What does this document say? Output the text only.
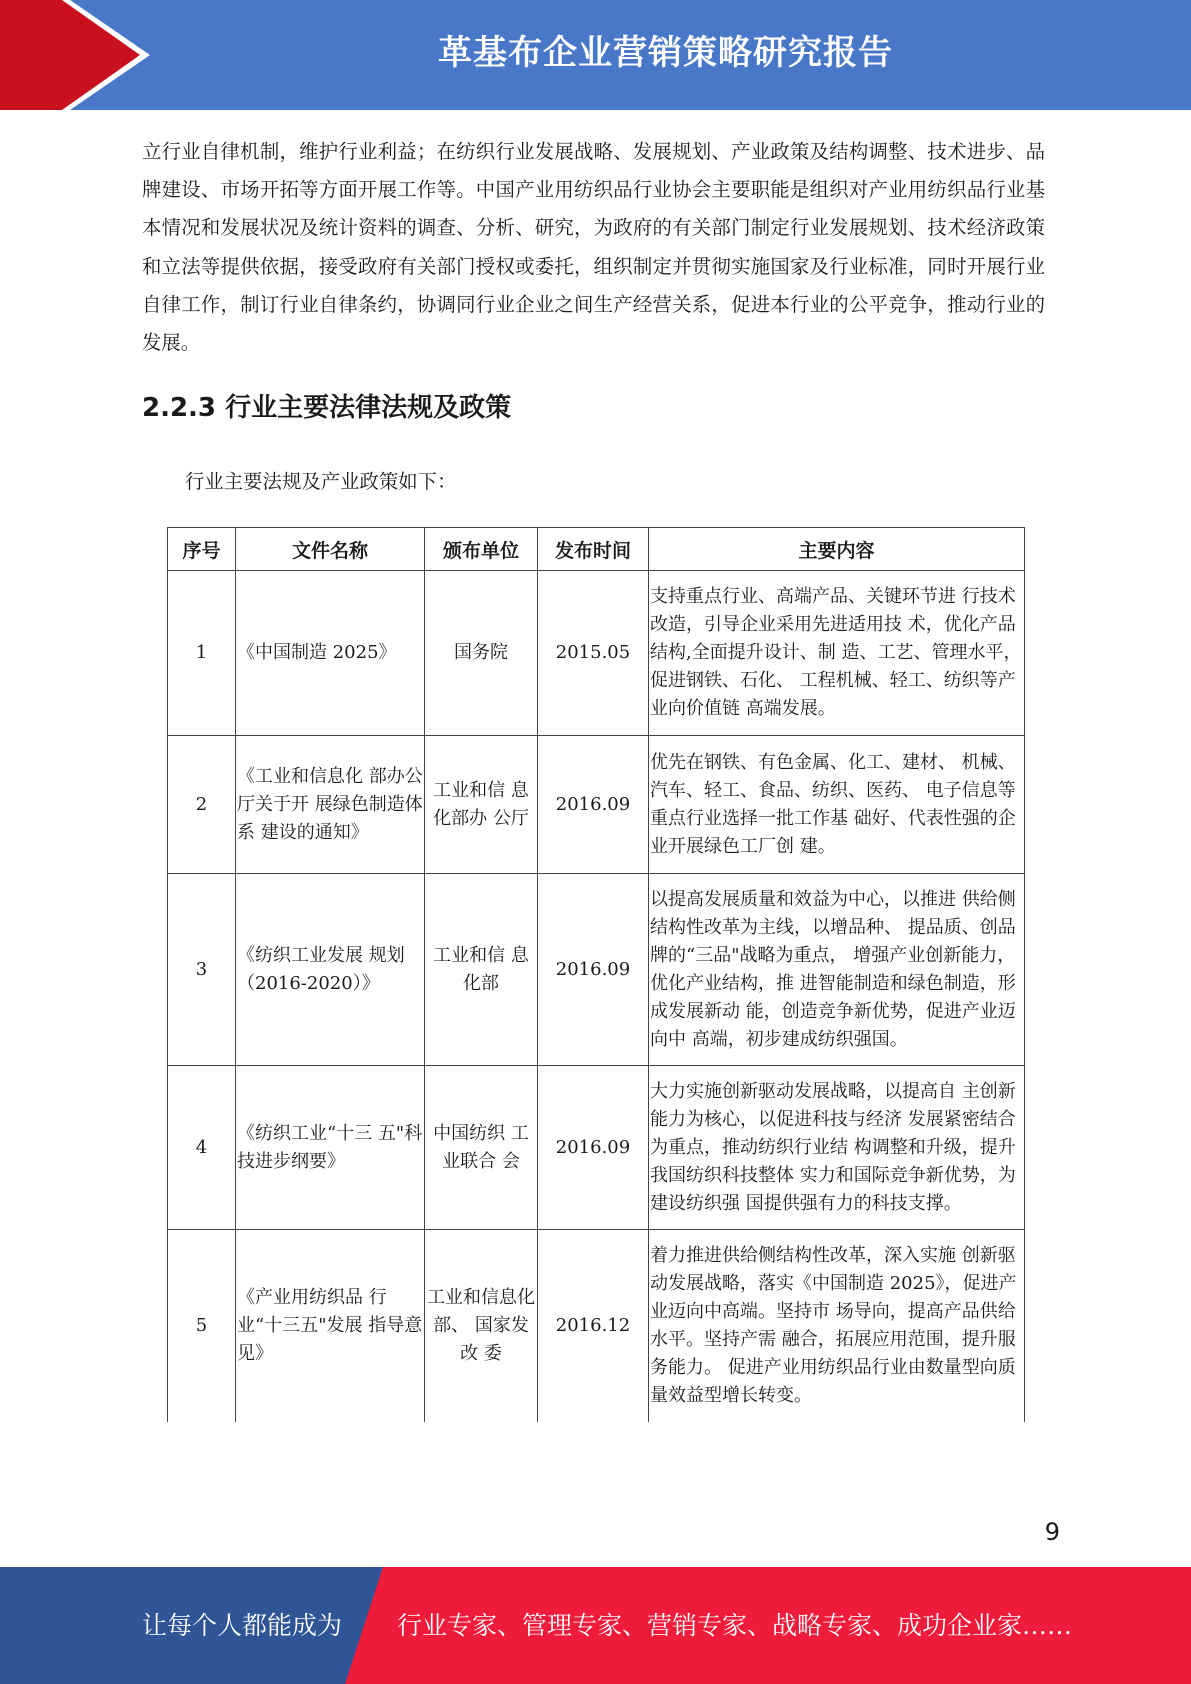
革基布企业营销策略研究报告

立行业自律机制，维护行业利益；在纺织行业发展战略、发展规划、产业政策及结构调整、技术进步、品牌建设、市场开拓等方面开展工作等。中国产业用纺织品行业协会主要职能是组织对产业用纺织品行业基本情况和发展状况及统计资料的调查、分析、研究，为政府的有关部门制定行业发展规划、技术经济政策和立法等提供依据，接受政府有关部门授权或委托，组织制定并贯彻实施国家及行业标准，同时开展行业自律工作，制订行业自律条约，协调同行业企业之间生产经营关系，促进本行业的公平竞争，推动行业的发展。

2.2.3 行业主要法律法规及政策

行业主要法规及产业政策如下：

序号	文件名称	颁布单位	发布时间	主要内容
1	《中国制造 2025》	国务院	2015.05	支持重点行业、高端产品、关键环节进 行技术改造，引导企业采用先进适用技 术，优化产品结构,全面提升设计、制 造、工艺、管理水平，促进钢铁、石化、 工程机械、轻工、纺织等产业向价值链 高端发展。
2	《工业和信息化 部办公厅关于开 展绿色制造体系 建设的通知》	工业和信 息化部办 公厅	2016.09	优先在钢铁、有色金属、化工、建材、 机械、汽车、轻工、食品、纺织、医药、 电子信息等重点行业选择一批工作基 础好、代表性强的企业开展绿色工厂创 建。
3	《纺织工业发展 规划（2016-2020）》	工业和信 息化部	2016.09	以提高发展质量和效益为中心，以推进 供给侧结构性改革为主线，以增品种、 提品质、创品牌的“三品"战略为重点， 增强产业创新能力，优化产业结构，推 进智能制造和绿色制造，形成发展新动 能，创造竞争新优势，促进产业迈向中 高端，初步建成纺织强国。
4	《纺织工业“十三 五"科技进步纲要》	中国纺织 工业联合 会	2016.09	大力实施创新驱动发展战略，以提高自 主创新能力为核心，以促进科技与经济 发展紧密结合为重点，推动纺织行业结 构调整和升级，提升我国纺织科技整体 实力和国际竞争新优势，为建设纺织强 国提供强有力的科技支撑。
5	《产业用纺织品 行业“十三五"发展 指导意见》	工业和信息化部、 国家发改 委	2016.12	着力推进供给侧结构性改革，深入实施 创新驱动发展战略，落实《中国制造 2025》，促进产业迈向中高端。坚持市 场导向，提高产品供给水平。坚持产需 融合，拓展应用范围，提升服务能力。 促进产业用纺织品行业由数量型向质 量效益型增长转变。
9
让每个人都能成为 行业专家、管理专家、营销专家、战略专家、成功企业家……
